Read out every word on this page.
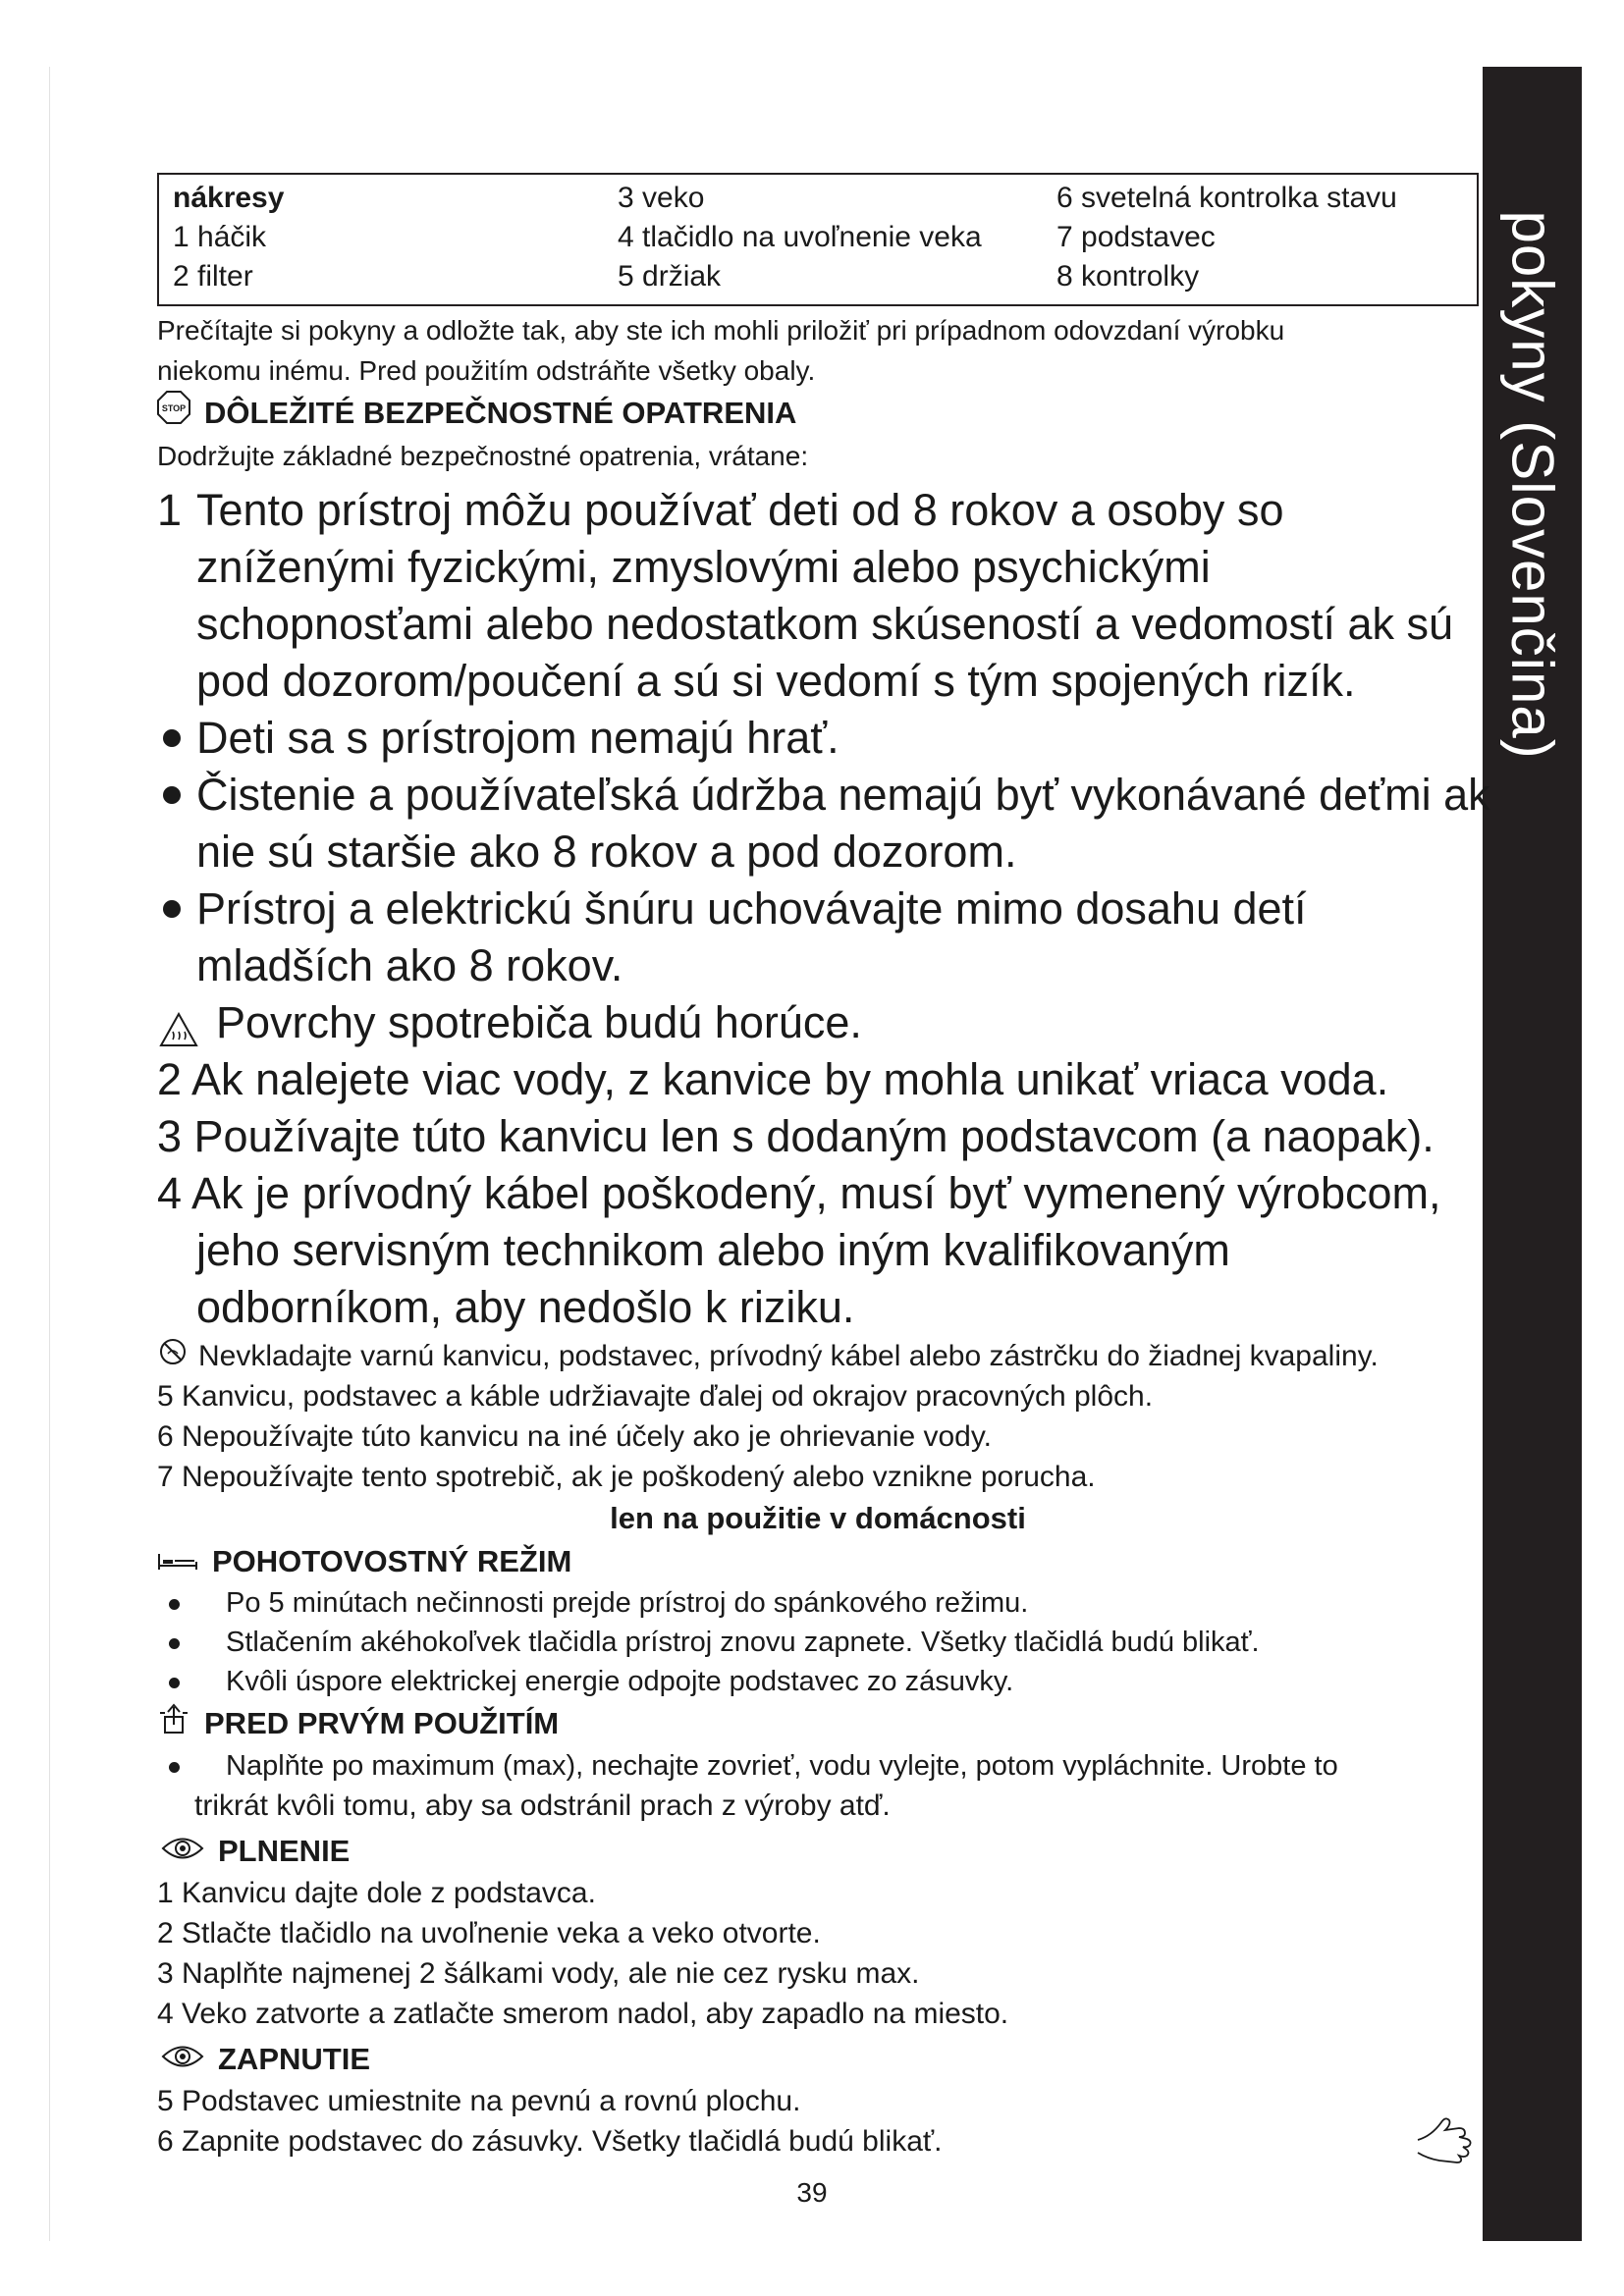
pokyny (Slovenčina)
nákresy	3 veko	6 svetelná kontrolka stavu
1 háčik	4 tlačidlo na uvoľnenie veka	7 podstavec
2 filter	5 držiak	8 kontrolky

Prečítajte si pokyny a odložte tak, aby ste ich mohli priložiť pri prípadnom odovzdaní výrobku

niekomu inému. Pred použitím odstráňte všetky obaly.

STOP DÔLEŽITÉ BEZPEČNOSTNÉ OPATRENIA

Dodržujte základné bezpečnostné opatrenia, vrátane:

1 Tento prístroj môžu používať deti od 8 rokov a osoby so
zníženými fyzickými, zmyslovými alebo psychickými
schopnosťami alebo nedostatkom skúseností a vedomostí ak sú
pod dozorom/poučení a sú si vedomí s tým spojených rizík.
Deti sa s prístrojom nemajú hrať.
Čistenie a používateľská údržba nemajú byť vykonávané deťmi ak
nie sú staršie ako 8 rokov a pod dozorom.
Prístroj a elektrickú šnúru uchovávajte mimo dosahu detí
mladších ako 8 rokov.
Povrchy spotrebiča budú horúce.
2 Ak nalejete viac vody, z kanvice by mohla unikať vriaca voda.
3 Používajte túto kanvicu len s dodaným podstavcom (a naopak).
4 Ak je prívodný kábel poškodený, musí byť vymenený výrobcom,
jeho servisným technikom alebo iným kvalifikovaným
odborníkom, aby nedošlo k riziku.
Nevkladajte varnú kanvicu, podstavec, prívodný kábel alebo zástrčku do žiadnej kvapaliny.
5 Kanvicu, podstavec a káble udržiavajte ďalej od okrajov pracovných plôch.
6 Nepoužívajte túto kanvicu na iné účely ako je ohrievanie vody.
7 Nepoužívajte tento spotrebič, ak je poškodený alebo vznikne porucha.
len na použitie v domácnosti
POHOTOVOSTNÝ REŽIM
Po 5 minútach nečinnosti prejde prístroj do spánkového režimu.
Stlačením akéhokoľvek tlačidla prístroj znovu zapnete. Všetky tlačidlá budú blikať.
Kvôli úspore elektrickej energie odpojte podstavec zo zásuvky.
PRED PRVÝM POUŽITÍM
Naplňte po maximum (max), nechajte zovrieť, vodu vylejte, potom vypláchnite. Urobte to
trikrát kvôli tomu, aby sa odstránil prach z výroby atď.
PLNENIE
1 Kanvicu dajte dole z podstavca.
2 Stlačte tlačidlo na uvoľnenie veka a veko otvorte.
3 Naplňte najmenej 2 šálkami vody, ale nie cez rysku max.
4 Veko zatvorte a zatlačte smerom nadol, aby zapadlo na miesto.
ZAPNUTIE
5 Podstavec umiestnite na pevnú a rovnú plochu.
6 Zapnite podstavec do zásuvky. Všetky tlačidlá budú blikať.
39
